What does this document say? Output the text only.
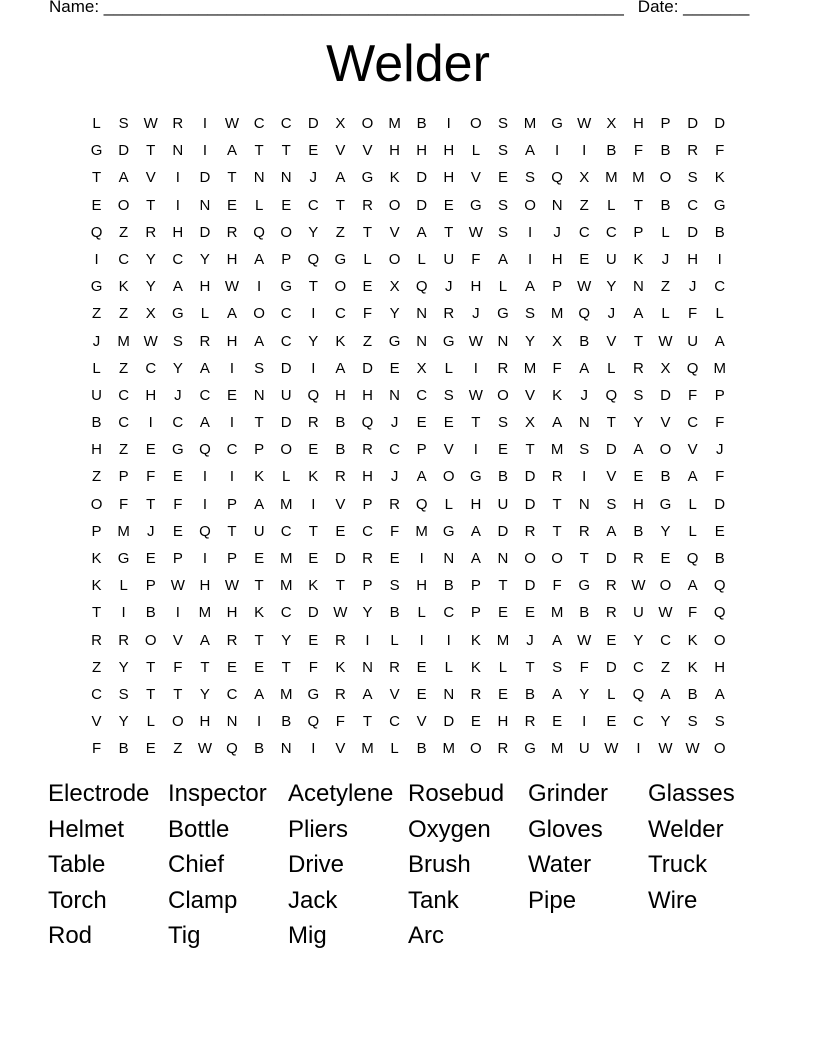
Name: _______________________________________________________ Date: _______
Welder
L	S	W R	I	W C	C	D	X	O	M	B	I	O	S	M	G W	X	H	P	D	D
G	D	T	N	I	A	T	T	E	V	V	H	H	H	L	S	A	I	I	B	F	B	R	F
T	A	V	I	D	T	N	N	J	A	G	K	D	H	V	E	S	Q	X	M M	O	S	K
E	O	T	I	N	E	L	E	C	T	R	O	D	E	G	S	O	N	Z	L	T	B	C	G
Q	Z	R	H	D	R	Q	O	Y	Z	T	V	A	T	W	S	I	J	C	C	P	L	D	B
I	C	Y	C	Y	H	A	P	Q	G	L	O	L	U	F	A	I	H	E	U	K	J	H	I
G	K	Y	A	H W	I	G	T	O	E	X	Q	J	H	L	A	P	W	Y	N	Z	J	C
Z	Z	X	G	L	A	O	C	I	C	F	Y	N	R	J	G	S	M	Q	J	A	L	F	L
J	M W	S	R	H	A	C	Y	K	Z	G	N	G W N	Y	X	B	V	T	W U	A
L	Z	C	Y	A	I	S	D	I	A	D	E	X	L	I	R	M	F	A	L	R	X	Q	M
U	C	H	J	C	E	N	U	Q	H	H	N	C	S	W O	V	K	J	Q	S	D	F	P
B	C	I	C	A	I	T	D	R	B	Q	J	E	E	T	S	X	A	N	T	Y	V	C	F
H	Z	E	G	Q	C	P	O	E	B	R	C	P	V	I	E	T	M	S	D	A	O	V	J
Z	P	F	E	I	I	K	L	K	R	H	J	A	O	G	B	D	R	I	V	E	B	A	F
O	F	T	F	I	P	A	M	I	V	P	R	Q	L	H	U	D	T	N	S	H	G	L	D
P	M	J	E	Q	T	U	C	T	E	C	F	M	G	A	D	R	T	R	A	B	Y	L	E
K	G	E	P	I	P	E	M	E	D	R	E	I	N	A	N	O	O	T	D	R	E	Q	B
K	L	P	W H W	T	M	K	T	P	S	H	B	P	T	D	F	G	R W O	A	Q
T	I	B	I	M	H	K	C	D W	Y	B	L	C	P	E	E	M	B	R	U W	F	Q
R	R	O	V	A	R	T	Y	E	R	I	L	I	I	K	M	J	A	W	E	Y	C	K	O
Z	Y	T	F	T	E	E	T	F	K	N	R	E	L	K	L	T	S	F	D	C	Z	K	H
C	S	T	T	Y	C	A	M	G	R	A	V	E	N	R	E	B	A	Y	L	Q	A	B	A
V	Y	L	O	H	N	I	B	Q	F	T	C	V	D	E	H	R	E	I	E	C	Y	S	S
F	B	E	Z	W Q	B	N	I	V	M	L	B	M	O	R	G	M	U W	I	W W O
Electrode Inspector Acetylene Rosebud Grinder	Glasses
Helmet	Bottle	Pliers	Oxygen	Gloves	Welder
Table	Chief	Drive	Brush	Water	Truck
Torch	Clamp	Jack	Tank	Pipe	Wire
Rod	Tig	Mig	Arc
